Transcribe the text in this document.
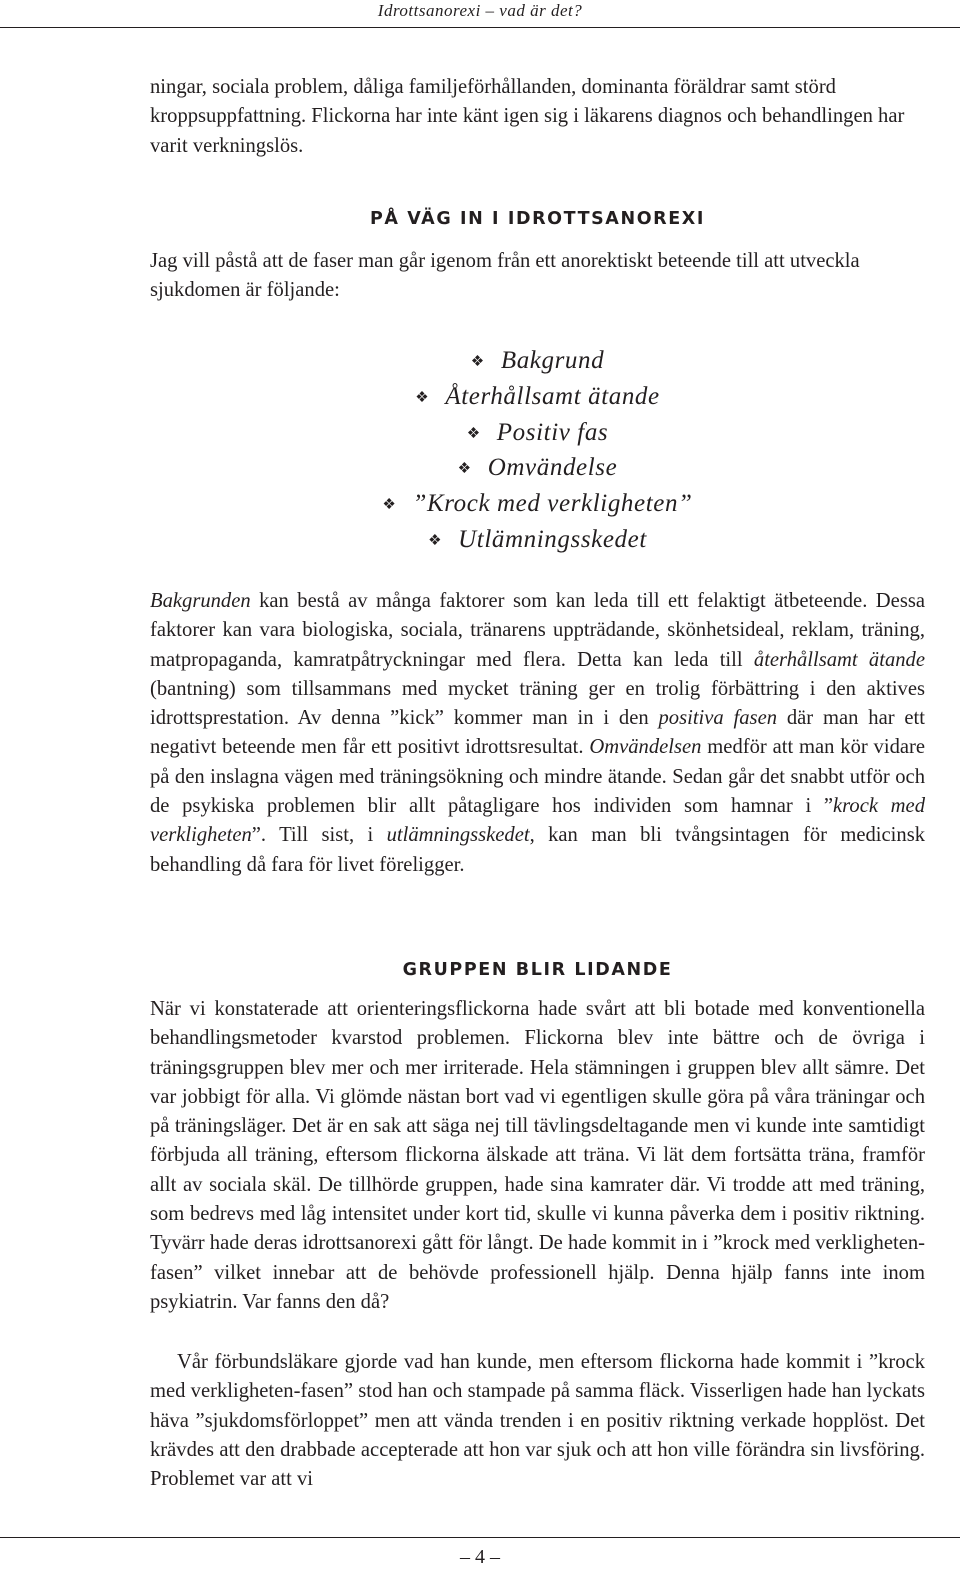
Idrottsanorexi – vad är det?

ningar, sociala problem, dåliga familjeförhållanden, dominanta föräldrar samt störd kroppsuppfattning. Flickorna har inte känt igen sig i läkarens diagnos och behandlingen har varit verkningslös.

PÅ VÄG IN I IDROTTSANOREXI

Jag vill påstå att de faser man går igenom från ett anorektiskt beteende till att utveckla sjukdomen är följande:

❖ Bakgrund
❖ Återhållsamt ätande
❖ Positiv fas
❖ Omvändelse
❖ ”Krock med verkligheten”
❖ Utlämningsskedet

Bakgrunden kan bestå av många faktorer som kan leda till ett felaktigt ätbeteende. Dessa faktorer kan vara biologiska, sociala, tränarens uppträdande, skönhetsideal, reklam, träning, matpropaganda, kamratpåtryckningar med flera. Detta kan leda till återhållsamt ätande (bantning) som tillsammans med mycket träning ger en trolig förbättring i den aktives idrottsprestation. Av denna ”kick” kommer man in i den positiva fasen där man har ett negativt beteende men får ett positivt idrottsresultat. Omvändelsen medför att man kör vidare på den inslagna vägen med träningsökning och mindre ätande. Sedan går det snabbt utför och de psykiska problemen blir allt påtagligare hos individen som hamnar i ”krock med verkligheten”. Till sist, i utlämningsskedet, kan man bli tvångsintagen för medicinsk behandling då fara för livet föreligger.

GRUPPEN BLIR LIDANDE

När vi konstaterade att orienteringsflickorna hade svårt att bli botade med konventionella behandlingsmetoder kvarstod problemen. Flickorna blev inte bättre och de övriga i träningsgruppen blev mer och mer irriterade. Hela stämningen i gruppen blev allt sämre. Det var jobbigt för alla. Vi glömde nästan bort vad vi egentligen skulle göra på våra träningar och på träningsläger. Det är en sak att säga nej till tävlingsdeltagande men vi kunde inte samtidigt förbjuda all träning, eftersom flickorna älskade att träna. Vi lät dem fortsätta träna, framför allt av sociala skäl. De tillhörde gruppen, hade sina kamrater där. Vi trodde att med träning, som bedrevs med låg intensitet under kort tid, skulle vi kunna påverka dem i positiv riktning. Tyvärr hade deras idrottsanorexi gått för långt. De hade kommit in i ”krock med verkligheten-fasen” vilket innebar att de behövde professionell hjälp. Denna hjälp fanns inte inom psykiatrin. Var fanns den då?

Vår förbundsläkare gjorde vad han kunde, men eftersom flickorna hade kommit i ”krock med verkligheten-fasen” stod han och stampade på samma fläck. Visserligen hade han lyckats häva ”sjukdomsförloppet” men att vända trenden i en positiv riktning verkade hopplöst. Det krävdes att den drabbade accepterade att hon var sjuk och att hon ville förändra sin livsföring. Problemet var att vi

– 4 –
